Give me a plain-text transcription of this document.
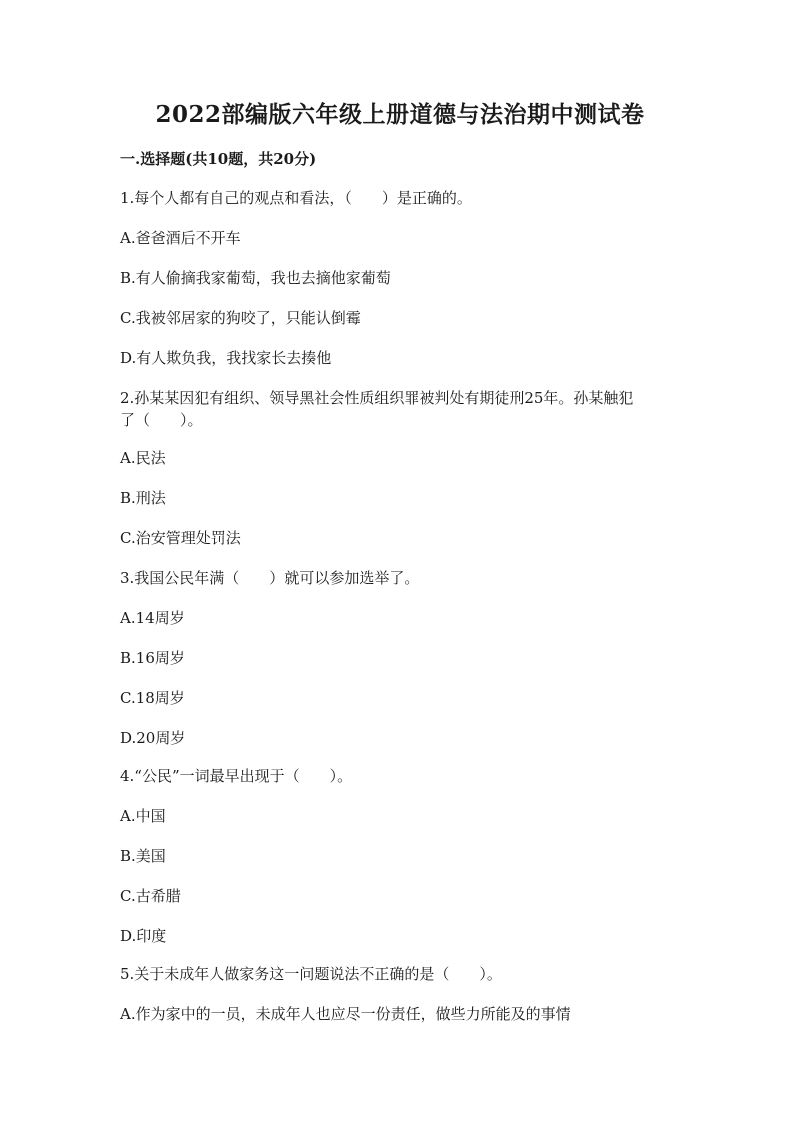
2022部编版六年级上册道德与法治期中测试卷
一.选择题(共10题，共20分)
1.每个人都有自己的观点和看法，（　　）是正确的。
A.爸爸酒后不开车
B.有人偷摘我家葡萄，我也去摘他家葡萄
C.我被邻居家的狗咬了，只能认倒霉
D.有人欺负我，我找家长去揍他
2.孙某某因犯有组织、领导黑社会性质组织罪被判处有期徒刑25年。孙某触犯
了（　　）。
A.民法
B.刑法
C.治安管理处罚法
3.我国公民年满（　　）就可以参加选举了。
A.14周岁
B.16周岁
C.18周岁
D.20周岁
4.“公民”一词最早出现于（　　）。
A.中国
B.美国
C.古希腊
D.印度
5.关于未成年人做家务这一问题说法不正确的是（　　）。
A.作为家中的一员，未成年人也应尽一份责任，做些力所能及的事情
